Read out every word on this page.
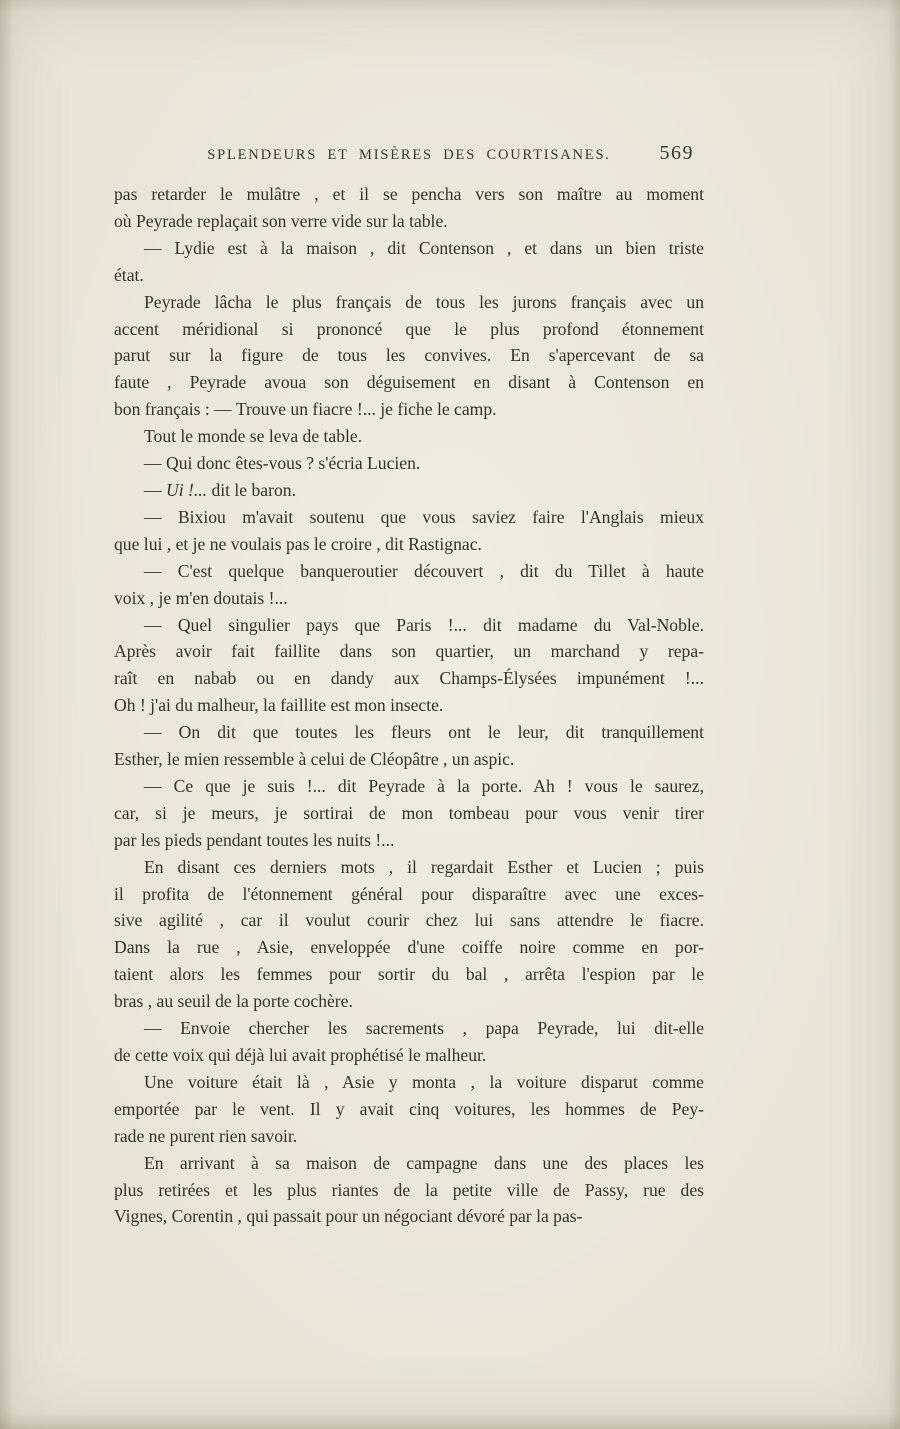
SPLENDEURS ET MISÈRES DES COURTISANES.	569

pas retarder le mulâtre , et il se pencha vers son maître au moment
où Peyrade replaçait son verre vide sur la table.

— Lydie est à la maison , dit Contenson , et dans un bien triste
état.

Peyrade lâcha le plus français de tous les jurons français avec un
accent méridional si prononcé que le plus profond étonnement
parut sur la figure de tous les convives. En s'apercevant de sa
faute , Peyrade avoua son déguisement en disant à Contenson en
bon français : — Trouve un fiacre !... je fiche le camp.

Tout le monde se leva de table.

— Qui donc êtes-vous ? s'écria Lucien.

— Ui !... dit le baron.

— Bixiou m'avait soutenu que vous saviez faire l'Anglais mieux
que lui , et je ne voulais pas le croire , dit Rastignac.

— C'est quelque banqueroutier découvert , dit du Tillet à haute
voix , je m'en doutais !...

— Quel singulier pays que Paris !... dit madame du Val-Noble.
Après avoir fait faillite dans son quartier, un marchand y repa-
raît en nabab ou en dandy aux Champs-Élysées impunément !...
Oh ! j'ai du malheur, la faillite est mon insecte.

— On dit que toutes les fleurs ont le leur, dit tranquillement
Esther, le mien ressemble à celui de Cléopâtre , un aspic.

— Ce que je suis !... dit Peyrade à la porte. Ah ! vous le saurez,
car, si je meurs, je sortirai de mon tombeau pour vous venir tirer
par les pieds pendant toutes les nuits !...

En disant ces derniers mots , il regardait Esther et Lucien ; puis
il profita de l'étonnement général pour disparaître avec une exces-
sive agilité , car il voulut courir chez lui sans attendre le fiacre.
Dans la rue , Asie, enveloppée d'une coiffe noire comme en por-
taient alors les femmes pour sortir du bal , arrêta l'espion par le
bras , au seuil de la porte cochère.

— Envoie chercher les sacrements , papa Peyrade, lui dit-elle
de cette voix qui déjà lui avait prophétisé le malheur.

Une voiture était là , Asie y monta , la voiture disparut comme
emportée par le vent. Il y avait cinq voitures, les hommes de Pey-
rade ne purent rien savoir.

En arrivant à sa maison de campagne dans une des places les
plus retirées et les plus riantes de la petite ville de Passy, rue des
Vignes, Corentin , qui passait pour un négociant dévoré par la pas-
